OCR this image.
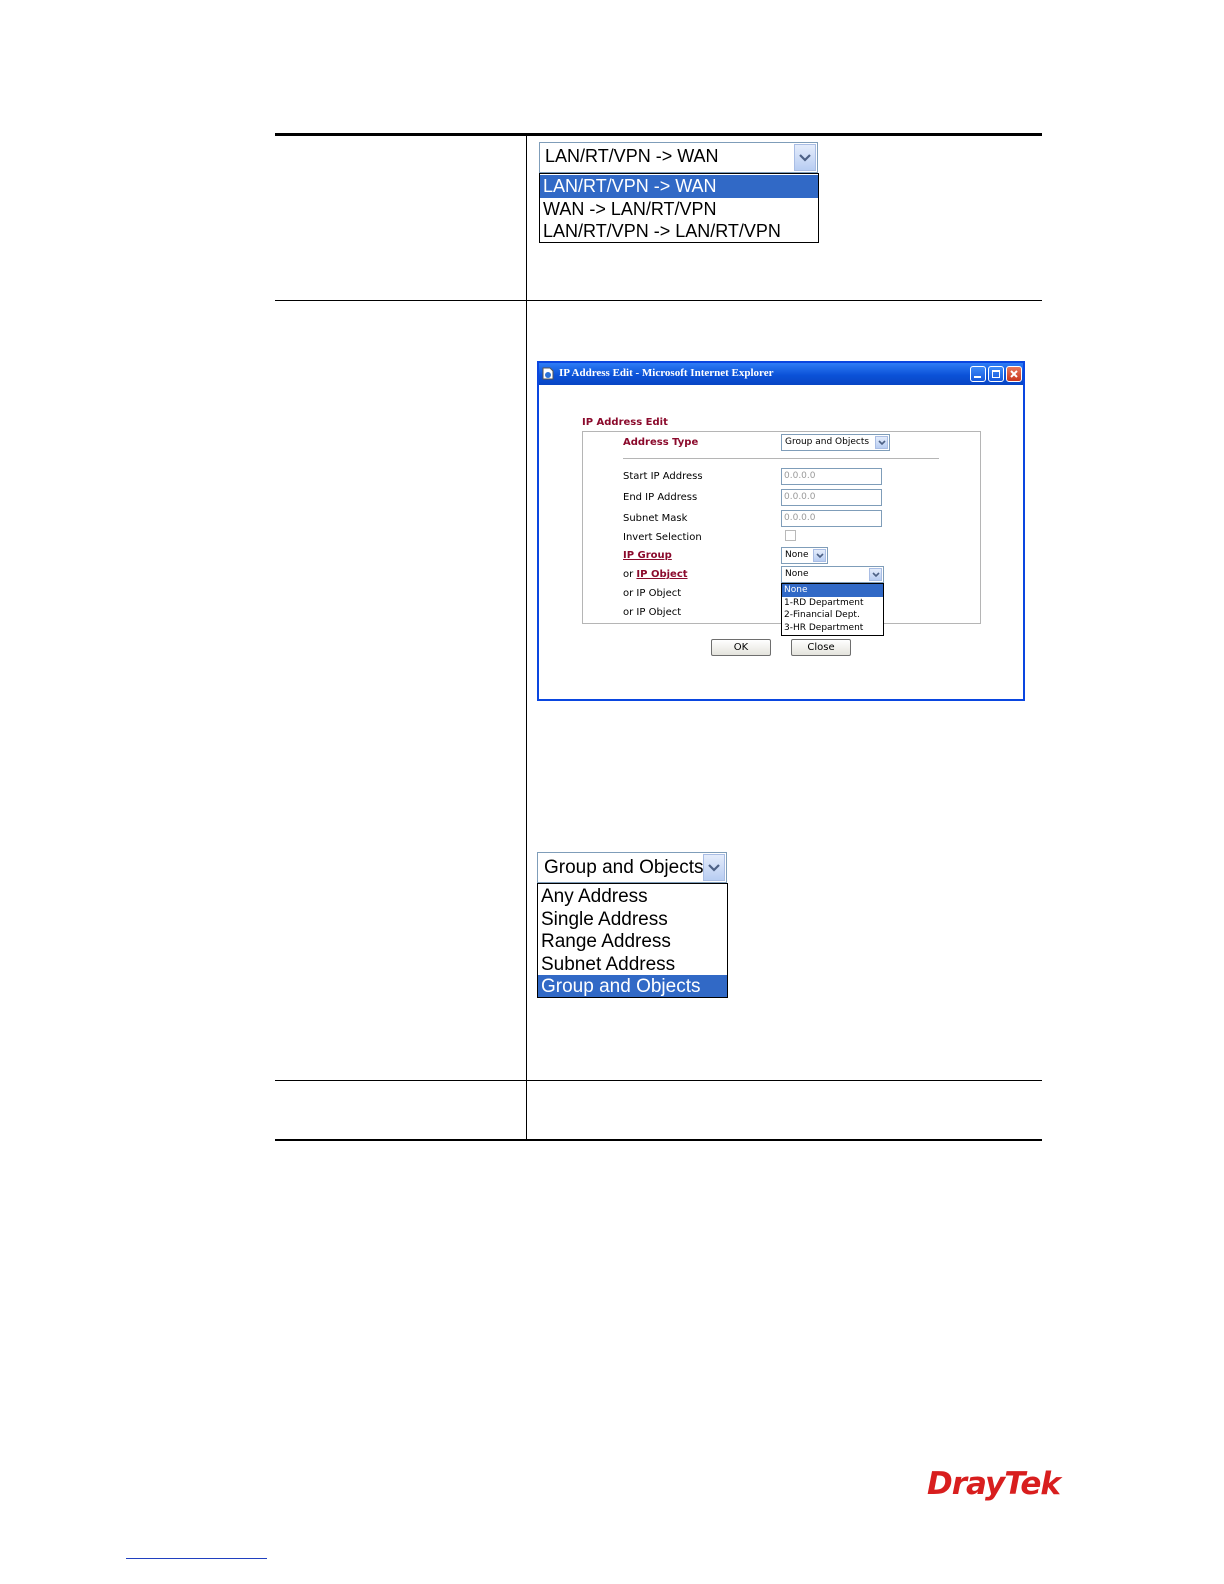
LAN/RT/VPN -> WAN
LAN/RT/VPN -> WAN
WAN -> LAN/RT/VPN
LAN/RT/VPN -> LAN/RT/VPN
IP Address Edit - Microsoft Internet Explorer
IP Address Edit
Address Type	Group and Objects
Start IP Address	0.0.0.0
End IP Address	0.0.0.0
Subnet Mask	0.0.0.0
Invert Selection
IP Group	None
or IP Object	None
None
1-RD Department
2-Financial Dept.
3-HR Department
or IP Object
or IP Object
OK	Close
Group and Objects
Any Address
Single Address
Range Address
Subnet Address
Group and Objects
DrayTek
